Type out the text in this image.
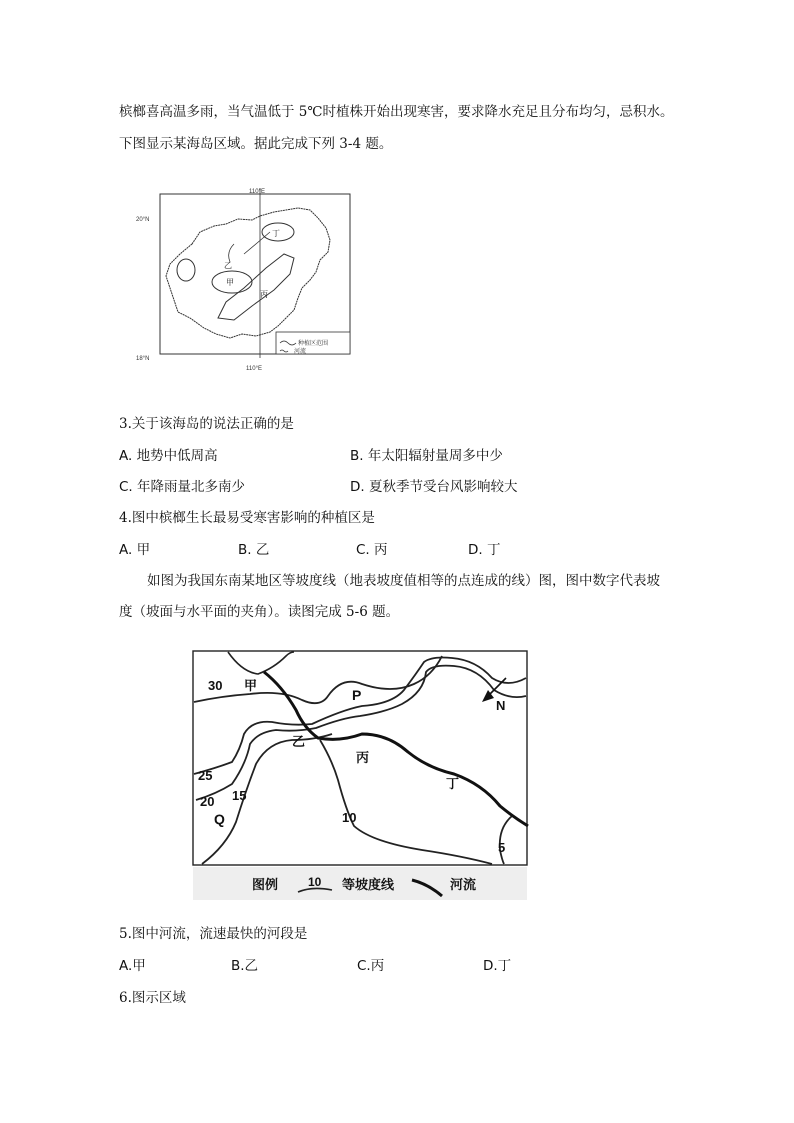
槟榔喜高温多雨，当气温低于 5℃时植株开始出现寒害，要求降水充足且分布均匀，忌积水。
下图显示某海岛区域。据此完成下列 3-4 题。
110°E
110°E
20°N
18°N
丁
乙
甲
丙
种植区范围
河流
3.关于该海岛的说法正确的是
A. 地势中低周高	B. 年太阳辐射量周多中少
C. 年降雨量北多南少	D. 夏秋季节受台风影响较大
4.图中槟榔生长最易受寒害影响的种植区是
A. 甲	B. 乙	C. 丙	D. 丁
如图为我国东南某地区等坡度线（地表坡度值相等的点连成的线）图，图中数字代表坡
度（坡面与水平面的夹角）。读图完成 5-6 题。
30 甲
P
乙
丙
N
25
20 15
Q	10
丁
5
图例 10 等坡度线	河流
5.图中河流，流速最快的河段是
A.甲	B.乙	C.丙	D.丁
6.图示区域
